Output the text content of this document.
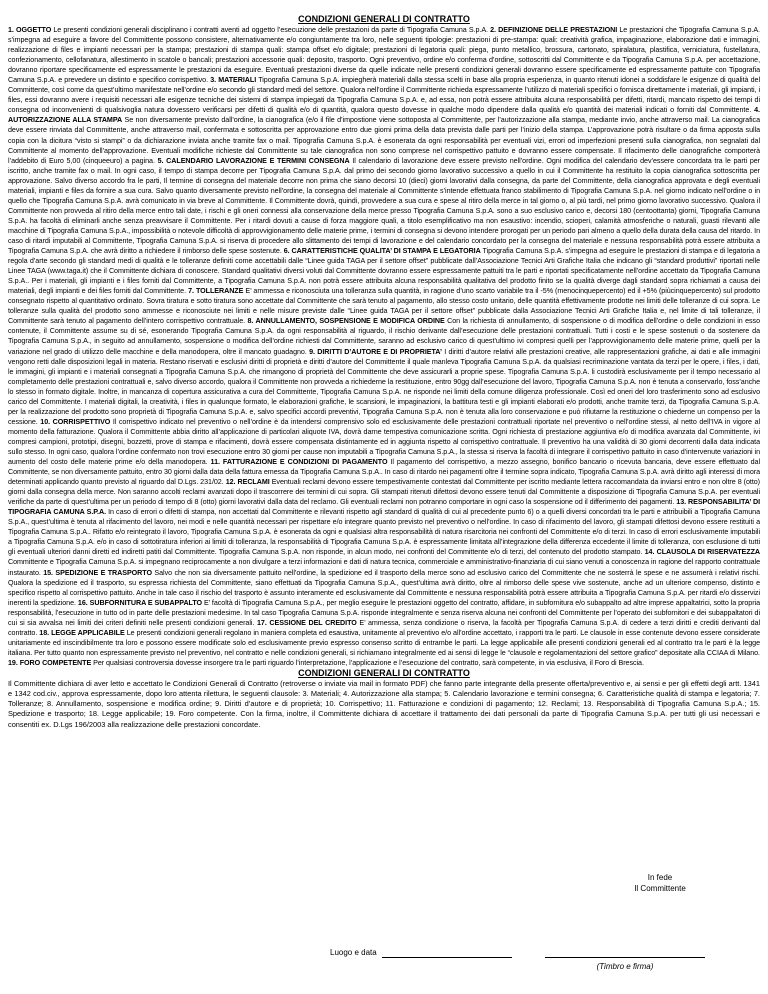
CONDIZIONI GENERALI DI CONTRATTO

1. OGGETTO Le presenti condizioni generali disciplinano i contratti aventi ad oggetto l’esecuzione delle prestazioni da parte di Tipografia Camuna S.p.A. 2. DEFINIZIONE DELLE PRESTAZIONI Le prestazioni che Tipografia Camuna S.p.A. s’impegna ad eseguire a favore del Committente possono consistere, alternativamente e/o congiuntamente tra loro, nelle seguenti tipologie: prestazioni di pre-stampa: quali: creatività grafica, impaginazione, elaborazione dati e immagini, realizzazione di files e impianti necessari per la stampa; prestazioni di stampa quali: stampa offset e/o digitale; prestazioni di legatoria quali: piega, punto metallico, brossura, cartonato, spiralatura, plastifica, verniciatura, fustellatura, confezionamento, cellofanatura, allestimento in scatole o bancali; prestazioni accessorie quali: deposito, trasporto. Ogni preventivo, ordine e/o conferma d’ordine, sottoscritti dal Committente e da Tipografia Camuna S.p.A. per accettazione, dovranno riportare specificamente ed espressamente le prestazioni da eseguire. Eventuali prestazioni diverse da quelle indicate nelle presenti condizioni generali dovranno essere specificamente ed espressamente pattuite con Tipografia Camuna S.p.A. e prevedere un distinto e specifico corrispettivo. 3. MATERIALI Tipografia Camuna S.p.A. impiegherà materiali dalla stessa scelti in base alla propria esperienza, in quanto ritenuti idonei a soddisfare le esigenze di qualità del Committente, così come da quest’ultimo manifestate nell’ordine e/o secondo gli standard medi del settore. Qualora nell’ordine il Committente richieda espressamente l’utilizzo di materiali specifici o fornisca direttamente i materiali, gli impianti, i files, essi dovranno avere i requisiti necessari alle esigenze tecniche dei sistemi di stampa impiegati da Tipografia Camuna S.p.A. e, ad essa, non potrà essere attribuita alcuna responsabilità per difetti, ritardi, mancato rispetto dei tempi di consegna od inconvenienti di qualsivoglia natura dovessero verificarsi per difetti di qualità e/o di quantità, qualora questo dovesse in qualche modo dipendere dalla qualità e/o quantità dei materiali indicati o forniti dal Committente. 4. AUTORIZZAZIONE ALLA STAMPA Se non diversamente previsto dall’ordine, la cianografica (e/o il file d’impostione viene sottoposta al Committente, per l’autorizzazione alla stampa, mediante invio, anche attraverso mail. La cianografica deve essere rinviata dal Committente, anche attraverso mail, confermata e sottoscritta per approvazione entro due giorni prima della data prevista dalle parti per l’inizio della stampa. L’approvazione potrà risultare o da firma apposta sulla copia con la dicitura “visto si stampi” o da dichiarazione inviata anche tramite fax o mail. Tipografia Camuna S.p.A. è esonerata da ogni responsabilità per eventuali vizi, errori od imperfezioni presenti sulla cianografica, non segnalati dal Committente al momento dell’approvazione. Eventuali modifiche richieste dal Committente su tale cianografica non sono comprese nel corrispettivo pattuito e dovranno essere compensate. Il rifacimento delle cianografiche comporterà l’addebito di Euro 5,00 (cinqueeuro) a pagina. 5. CALENDARIO LAVORAZIONE E TERMINI CONSEGNA Il calendario di lavorazione deve essere previsto nell’ordine. Ogni modifica del calendario dev’essere concordata tra le parti per iscritto, anche tramite fax o mail. In ogni caso, il tempo di stampa decorre per Tipografia Camuna S.p.A. dal primo dei secondo giorno lavorativo successivo a quello in cui il Committente ha restituito la copia cianografica sottoscritta per approvazione. Salvo diverso accordo fra le parti, Il termine di consegna del materiale decorre non prima che siano decorsi 10 (dieci) giorni lavorativi dalla consegna, da parte del Committente, della cianografica approvata e degli eventuali materiali, impianti e files da fornire a sua cura. Salvo quanto diversamente previsto nell’ordine, la consegna del materiale al Committente s’intende effettuata franco stabilimento di Tipografia Camuna S.p.A. nel giorno indicato nell’ordine o in quello che Tipografia Camuna S.p.A. avrà comunicato in via breve al Committente. Il Committente dovrà, quindi, provvedere a sua cura e spese al ritiro della merce in tal giorno o, al più tardi, nel primo giorno lavorativo successivo. Qualora il Committente non provveda al ritiro della merce entro tali date, i rischi e gli oneri connessi alla conservazione della merce presso Tipografia Camuna S.p.A. sono a suo esclusivo carico e, decorsi 180 (centoottanta) giorni, Tipografia Camuna S.p.A. ha facoltà di eliminarli anche senza preavvisare il Committente. Per i ritardi dovuti a cause di forza maggiore quali, a titolo esemplificativo ma non esaustivo: incendio, scioperi, calamità atmosferiche o naturali, guasti rilevanti alle macchine di Tipografia Camuna S.p.A., impossibilità o notevole difficoltà di approvvigionamento delle materie prime, i termini di consegna si devono intendere prorogati per un periodo pari almeno a quello della durata della causa del ritardo. In caso di ritardi imputabili al Committente, Tipografia Camuna S.p.A. si riserva di procedere allo slittamento dei tempi di lavorazione e del calendario concordato per la consegna del materiale e nessuna responsabilità potrà essere attribuita a Tipografia Camuna S.p.A. che avrà diritto a richiedere il rimborso delle spese sostenute. 6. CARATTERISTICHE QUALITA’ DI STAMPA E LEGATORIA Tipografia Camuna S.p.A. s’impegna ad eseguire le prestazioni di stampa e di legatoria a regola d’arte secondo gli standard medi di qualità e le tolleranze definiti come accettabili dalle “Linee guida TAGA per il settore offset” pubblicate dall’Associazione Tecnici Arti Grafiche Italia che indicano gli “standard produttivi” riportati nelle Linee TAGA (www.taga.it) che il Committente dichiara di conoscere. Standard qualitativi diversi voluti dal Committente dovranno essere espressamente pattuiti tra le parti e riportati specificatamente nell’ordine accettato da Tipografia Camuna S.p.A.. Per i materiali, gli impianti e i files forniti dal Committente, a Tipografia Camuna S.p.A. non potrà essere attribuita alcuna responsabilità qualitativa del prodotto finito se la qualità diverge dagli standard sopra richiamati a causa dei materiali, degli impianti e dei files forniti dal Committente. 7. TOLLERANZE E’ ammessa e riconosciuta una tolleranza sulla quantità, in ragione d’uno scarto variabile tra il -5% (menocinquepercento) ed il +5% (piùcinquepercento) sul prodotto consegnato rispetto al quantitativo ordinato. Sovra tiratura e sotto tiratura sono accettate dal Committente che sarà tenuto al pagamento, allo stesso costo unitario, delle quantità effettivamente prodotte nei limiti delle tolleranze di cui sopra. Le tolleranze sulla qualità del prodotto sono ammesse e riconosciute nei limiti e nelle misure previste dalle “Linee guida TAGA per il settore offset” pubblicate dalla Associazione Tecnici Arti Grafiche Italia e, nel limite di tali tolleranze, il Committente sarà tenuto al pagamento dell’intero corrispettivo contrattuale. 8. ANNULLAMENTO, SOSPENSIONE E MODIFICA ORDINE Con la richiesta di annullamento, di sospensione o di modifica dell’ordine o delle condizioni in esso contenute, il Committente assume su di sé, esonerando Tipografia Camuna S.p.A. da ogni responsabilità al riguardo, il rischio derivante dall’esecuzione delle prestazioni contrattuali. Tutti i costi e le spese sostenuti o da sostenere da Tipografia Camuna S.p.A., in seguito ad annullamento, sospensione o modifica dell’ordine richiesti dal Committente, saranno ad esclusivo carico di quest’ultimo ivi compresi quelli per l’approvvigionamento delle materie prime, quelli per la variazione nel grado di utilizzo delle macchine e della manodopera, oltre il mancato guadagno. 9. DIRITTI D’AUTORE E DI PROPRIETA’ I diritti d’autore relativi alle prestazioni creative, alle rappresentazioni grafiche, ai dati e alle immagini vengono retti dalle disposizioni legali in materia. Restano riservati e esclusivi diritti di proprietà e diritti d’autore del Committente il quale manleva Tipografia Camuna S.p.A. da qualsiasi recriminazione vantata da terzi per le opere, i files, i dati, le immagini, gli impianti e i materiali consegnati a Tipografia Camuna S.p.A. che rimangono di proprietà del Committente che deve assicurarli a proprie spese. Tipografia Camuna S.p.A. li custodirà esclusivamente per il tempo necessario al completamento delle prestazioni contrattuali e, salvo diverso accordo, qualora il Committente non provveda a richiederne la restituzione, entro 90gg dall’esecuzione del lavoro, Tipografia Camuna S.p.A. non è tenuta a conservarlo, foss’anche lo stesso in formato digitale. Inoltre, in mancanza di copertura assicurativa a cura del Committente, Tipografia Camuna S.p.A. ne risponde nei limiti della comune diligenza professionale. Così ed oneri del loro trasferimento sono ad esclusivo carico del Committente. I materiali digitali, la creatività, i files in qualunque formato, le elaborazioni grafiche, le scansioni, le impaginazioni, la battitura testi e gli impianti elaborati e/o prodotti, anche tramite terzi, da Tipografia Camuna S.p.A. per la realizzazione del prodotto sono proprietà di Tipografia Camuna S.p.A. e, salvo specifici accordi preventivi, Tipografia Camuna S.p.A. non è tenuta alla loro conservazione e può rifiutarne la restituzione o chiederne un compenso per la cessione. 10. CORRISPETTIVO Il corrispettivo indicato nel preventivo o nell’ordine è da intendersi comprensivo solo ed esclusivamente delle prestazioni contrattuali riportate nel preventivo o nell’ordine stessi, al netto dell’IVA in vigore al momento della fatturazione. Qualora il Committente abbia diritto all’applicazione di particolari aliquote IVA, dovrà darne tempestiva comunicazione scritta. Ogni richiesta di prestazione aggiuntiva e/o di modifica avanzata dal Committente, ivi compresi campioni, prototipi, disegni, bozzetti, prove di stampa e rifacimenti, dovrà essere compensata distintamente ed in aggiunta rispetto al corrispettivo contrattuale. Il preventivo ha una validità di 30 giorni decorrenti dalla data indicata sullo stesso. In ogni caso, qualora l’ordine confermato non trovi esecuzione entro 30 giorni per cause non imputabili a Tipografia Camuna S.p.A., la stessa si riserva la facoltà di integrare il corrispettivo pattuito in caso d’intervenute variazioni in aumento del costo delle materie prime e/o della manodopera. 11. FATTURAZIONE E CONDIZIONI DI PAGAMENTO Il pagamento del corrispettivo, a mezzo assegno, bonifico bancario o ricevuta bancaria, deve essere effettuato dal Committente, se non diversamente pattuito, entro 30 giorni dalla data della fattura emessa da Tipografia Camuna S.p.A.. In caso di ritardo nei pagamenti oltre il termine sopra indicato, Tipografia Camuna S.p.A. avrà diritto agli interessi di mora determinati applicando quanto previsto al riguardo dal D.Lgs. 231/02. 12. RECLAMI Eventuali reclami devono essere tempestivamente contestati dal Committente per iscritto mediante lettera raccomandata da inviarsi entro e non oltre 8 (otto) giorni dalla consegna della merce. Non saranno accolti reclami avanzati dopo il trascorrere dei termini di cui sopra. Gli stampati ritenuti difettosi devono essere tenuti dal Committente a disposizione di Tipografia Camuna S.p.A. per eventuali verifiche da parte di quest’ultima per un periodo di tempo di 8 (otto) giorni lavorativi dalla data del reclamo. Gli eventuali reclami non potranno comportare in ogni caso la sospensione od il differimento dei pagamenti. 13. RESPONSABILITA’ DI TIPOGRAFIA CAMUNA S.P.A. In caso di errori o difetti di stampa, non accettati dal Committente e rilevanti rispetto agli standard di qualità di cui al precedente punto 6) o a quelli diversi concordati tra le parti e attribuibili a Tipografia Camuna S.p.A., quest’ultima è tenuta al rifacimento del lavoro, nei modi e nelle quantità necessari per rispettare e/o integrare quanto previsto nel preventivo o nell’ordine. In caso di rifacimento del lavoro, gli stampati difettosi devono essere restituiti a Tipografia Camuna S.p.A.. Rifatto e/o reintegrato il lavoro, Tipografia Camuna S.p.A. è esonerata da ogni e qualsiasi altra responsabilità di natura risarcitoria nei confronti del Committente e/o di terzi. In caso di errori esclusivamente imputabili a Tipografia Camuna S.p.A. e/o in caso di sottotiratura inferiori ai limiti di tolleranza, la responsabilità di Tipografia Camuna S.p.A. è espressamente limitata all’integrazione della differenza eccedente il limite di tolleranza, con esclusione di tutti gli eventuali ulteriori danni diretti ed indiretti patiti dal Committente. Tipografia Camuna S.p.A. non risponde, in alcun modo, nei confronti del Committente e/o di terzi, del contenuto del prodotto stampato. 14. CLAUSOLA DI RISERVATEZZA Committente e Tipografia Camuna S.p.A. si impegnano reciprocamente a non divulgare a terzi informazioni e dati di natura tecnica, commerciale e amministrativo-finanziaria di cui siano venuti a conoscenza in ragione del rapporto contrattuale instaurato. 15. SPEDIZIONE E TRASPORTO Salvo che non sia diversamente pattuito nell’ordine, la spedizione ed il trasporto della merce sono ad esclusivo carico del Committente che ne sosterrà le spese e ne assumerà i relativi rischi. Qualora la spedizione ed il trasporto, su espressa richiesta del Committente, siano effettuati da Tipografia Camuna S.p.A., quest’ultima avrà diritto, oltre al rimborso delle spese vive sostenute, anche ad un ulteriore compenso, distinto e specifico rispetto al corrispettivo pattuito. Anche in tale caso il rischio del trasporto è assunto interamente ed esclusivamente dal Committente e nessuna responsabilità potrà essere attribuita a Tipografia Camuna S.p.A. per ritardi e/o disservizi inerenti la spedizione. 16. SUBFORNITURA E SUBAPPALTO E’ facoltà di Tipografia Camuna S.p.A., per meglio eseguire le prestazioni oggetto del contratto, affidare, in subfornitura e/o subappalto ad altre imprese appaltatrici, sotto la propria responsabilità, l’esecuzione in tutto od in parte delle prestazioni medesime. In tal caso Tipografia Camuna S.p.A. risponde integralmente e senza riserva alcuna nei confronti del Committente per l’operato dei subfornitori e dei subappaltatori di cui si sia avvalsa nei limiti dei criteri definiti nelle presenti condizioni generali. 17. CESSIONE DEL CREDITO E’ ammessa, senza condizione o riserva, la facoltà per Tipografia Camuna S.p.A. di cedere a terzi diritti e crediti derivanti dal contratto. 18. LEGGE APPLICABILE Le presenti condizioni generali regolano in maniera completa ed esaustiva, unitamente al preventivo e/o all’ordine accettato, i rapporti tra le parti. Le clausole in esse contenute devono essere considerate unitariamente ed inscindibilmente tra loro e possono essere modificate solo ed esclusivamente previo espresso consenso scritto di entrambe le parti. La legge applicabile alle presenti condizioni generali ed al contratto tra le parti è la legge italiana. Per tutto quanto non espressamente previsto nel preventivo, nel contratto e nelle condizioni generali, si richiamano integralmente ed ai sensi di legge le “clausole e regolamentazioni del settore grafico” depositate alla CCIAA di Milano. 19. FORO COMPETENTE Per qualsiasi controversia dovesse insorgere tra le parti riguardo l’interpretazione, l’applicazione e l’esecuzione del contratto, sarà competente, in via esclusiva, il Foro di Brescia.

CONDIZIONI GENERALI DI CONTRATTO

Il Committente dichiara di aver letto e accettato le Condizioni Generali di Contratto (retroverse o inviate via mail in formato PDF) che fanno parte integrante della presente offerta/preventivo e, ai sensi e per gli effetti degli artt. 1341 e 1342 cod.civ., approva espressamente, dopo loro attenta rilettura, le seguenti clausole: 3. Materiali; 4. Autorizzazione alla stampa; 5. Calendario lavorazione e termini consegna; 6. Caratteristiche qualità di stampa e legatoria; 7. Tolleranze; 8. Annullamento, sospensione e modifica ordine; 9. Diritti d’autore e di proprietà; 10. Corrispettivo; 11. Fatturazione e condizioni di pagamento; 12. Reclami; 13. Responsabilità di Tipografia Camuna S.p.A.; 15. Spedizione e trasporto; 18. Legge applicabile; 19. Foro competente. Con la firma, inoltre, il Committente dichiara di accettare il trattamento dei dati personali da parte di Tipografia Camuna S.p.A. per tutti gli usi necessari e consentiti ex. D.Lgs 196/2003 alla realizzazione delle prestazioni concordate.

In fede
Il Committente
Luogo e data
(Timbro e firma)
